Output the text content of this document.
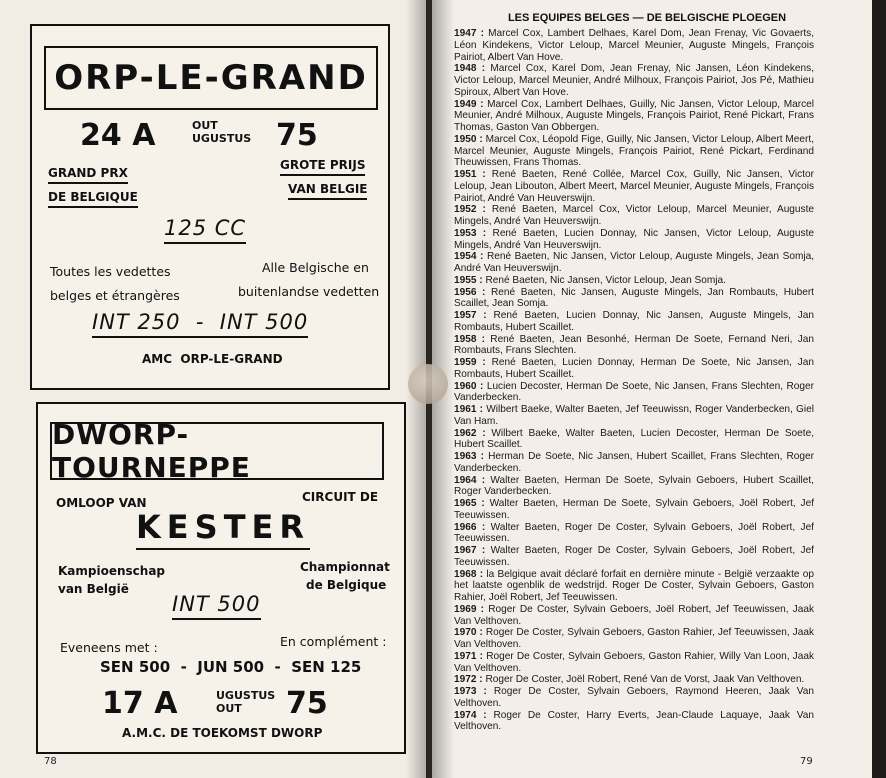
ORP-LE-GRAND
24 A	OUT
UGUSTUS 75
GRAND PRX
DE BELGIQUE
GROTE PRIJS
VAN BELGIE
125 CC
Toutes les vedettes
belges et étrangères
Alle Belgische en
buitenlandse vedetten
INT 250  -  INT 500
AMC  ORP-LE-GRAND
DWORP-TOURNEPPE
OMLOOP VAN	CIRCUIT DE
KESTER
Kampioenschap
van België
Championnat
de Belgique
INT 500
Eveneens met :	En complément :
SEN 500  -  JUN 500  -  SEN 125
17 A	UGUSTUS
OUT 75
A.M.C. DE TOEKOMST DWORP
78
LES EQUIPES BELGES — DE BELGISCHE PLOEGEN

1947 : Marcel Cox, Lambert Delhaes, Karel Dom, Jean Frenay, Vic Govaerts, Léon Kindekens, Victor Leloup, Marcel Meunier, Auguste Mingels, François Pairiot, Albert Van Hove.

1948 : Marcel Cox, Karel Dom, Jean Frenay, Nic Jansen, Léon Kindekens, Victor Leloup, Marcel Meunier, André Milhoux, François Pairiot, Jos Pé, Mathieu Spiroux, Albert Van Hove.

1949 : Marcel Cox, Lambert Delhaes, Guilly, Nic Jansen, Victor Leloup, Marcel Meunier, André Milhoux, Auguste Mingels, François Pairiot, René Pickart, Frans Thomas, Gaston Van Obbergen.

1950 : Marcel Cox, Léopold Fige, Guilly, Nic Jansen, Victor Leloup, Albert Meert, Marcel Meunier, Auguste Mingels, François Pairiot, René Pickart, Ferdinand Theuwissen, Frans Thomas.

1951 : René Baeten, René Collée, Marcel Cox, Guilly, Nic Jansen, Victor Leloup, Jean Libouton, Albert Meert, Marcel Meunier, Auguste Mingels, François Pairiot, André Van Heuverswijn.

1952 : René Baeten, Marcel Cox, Victor Leloup, Marcel Meunier, Auguste Mingels, André Van Heuverswijn.

1953 : René Baeten, Lucien Donnay, Nic Jansen, Victor Leloup, Auguste Mingels, André Van Heuverswijn.

1954 : René Baeten, Nic Jansen, Victor Leloup, Auguste Mingels, Jean Somja, André Van Heuverswijn.

1955 : René Baeten, Nic Jansen, Victor Leloup, Jean Somja.

1956 : René Baeten, Nic Jansen, Auguste Mingels, Jan Rombauts, Hubert Scaillet, Jean Somja.

1957 : René Baeten, Lucien Donnay, Nic Jansen, Auguste Mingels, Jan Rombauts, Hubert Scaillet.

1958 : René Baeten, Jean Besonhé, Herman De Soete, Fernand Neri, Jan Rombauts, Frans Slechten.

1959 : René Baeten, Lucien Donnay, Herman De Soete, Nic Jansen, Jan Rombauts, Hubert Scaillet.

1960 : Lucien Decoster, Herman De Soete, Nic Jansen, Frans Slechten, Roger Vanderbecken.

1961 : Wilbert Baeke, Walter Baeten, Jef Teeuwissn, Roger Vanderbecken, Giel Van Ham.

1962 : Wilbert Baeke, Walter Baeten, Lucien Decoster, Herman De Soete, Hubert Scaillet.

1963 : Herman De Soete, Nic Jansen, Hubert Scaillet, Frans Slechten, Roger Vanderbecken.

1964 : Walter Baeten, Herman De Soete, Sylvain Geboers, Hubert Scaillet, Roger Vanderbecken.

1965 : Walter Baeten, Herman De Soete, Sylvain Geboers, Joël Robert, Jef Teeuwissen.

1966 : Walter Baeten, Roger De Coster, Sylvain Geboers, Joël Robert, Jef Teeuwissen.

1967 : Walter Baeten, Roger De Coster, Sylvain Geboers, Joël Robert, Jef Teeuwissen.

1968 : la Belgique avait déclaré forfait en dernière minute - België verzaakte op het laatste ogenblik de wedstrijd. Roger De Coster, Sylvain Geboers, Gaston Rahier, Joël Robert, Jef Teeuwissen.

1969 : Roger De Coster, Sylvain Geboers, Joël Robert, Jef Teeuwissen, Jaak Van Velthoven.

1970 : Roger De Coster, Sylvain Geboers, Gaston Rahier, Jef Teeuwissen, Jaak Van Velthoven.

1971 : Roger De Coster, Sylvain Geboers, Gaston Rahier, Willy Van Loon, Jaak Van Velthoven.

1972 : Roger De Coster, Joël Robert, René Van de Vorst, Jaak Van Velthoven.

1973 : Roger De Coster, Sylvain Geboers, Raymond Heeren, Jaak Van Velthoven.

1974 : Roger De Coster, Harry Everts, Jean-Claude Laquaye, Jaak Van Velthoven.

79
